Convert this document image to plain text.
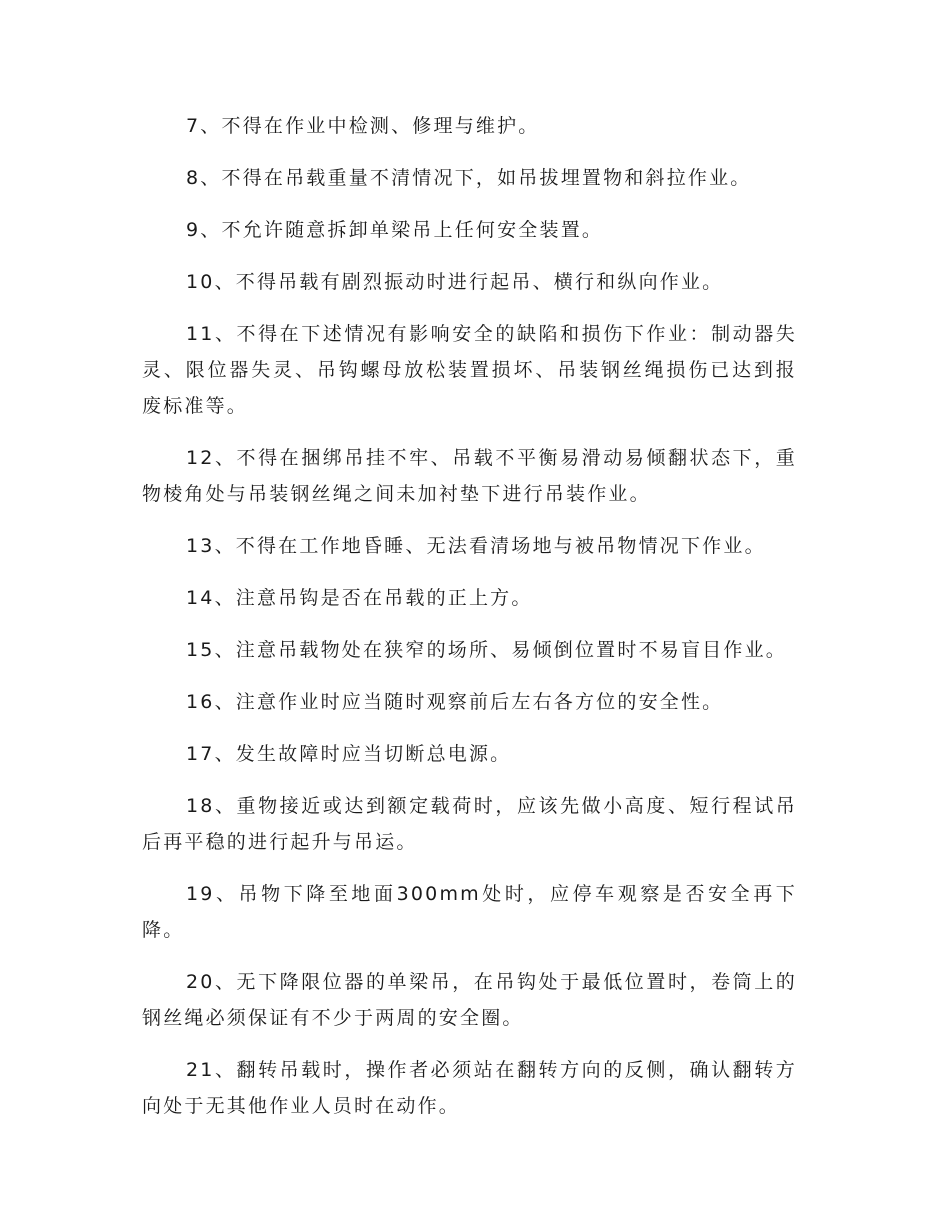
7、不得在作业中检测、修理与维护。

8、不得在吊载重量不清情况下，如吊拔埋置物和斜拉作业。

9、不允许随意拆卸单梁吊上任何安全装置。

10、不得吊载有剧烈振动时进行起吊、横行和纵向作业。

11、不得在下述情况有影响安全的缺陷和损伤下作业：制动器失灵、限位器失灵、吊钩螺母放松装置损坏、吊装钢丝绳损伤已达到报废标准等。

12、不得在捆绑吊挂不牢、吊载不平衡易滑动易倾翻状态下，重物棱角处与吊装钢丝绳之间未加衬垫下进行吊装作业。

13、不得在工作地昏睡、无法看清场地与被吊物情况下作业。

14、注意吊钩是否在吊载的正上方。

15、注意吊载物处在狭窄的场所、易倾倒位置时不易盲目作业。

16、注意作业时应当随时观察前后左右各方位的安全性。

17、发生故障时应当切断总电源。

18、重物接近或达到额定载荷时，应该先做小高度、短行程试吊后再平稳的进行起升与吊运。

19、吊物下降至地面300mm处时，应停车观察是否安全再下降。

20、无下降限位器的单梁吊，在吊钩处于最低位置时，卷筒上的钢丝绳必须保证有不少于两周的安全圈。

21、翻转吊载时，操作者必须站在翻转方向的反侧，确认翻转方向处于无其他作业人员时在动作。
